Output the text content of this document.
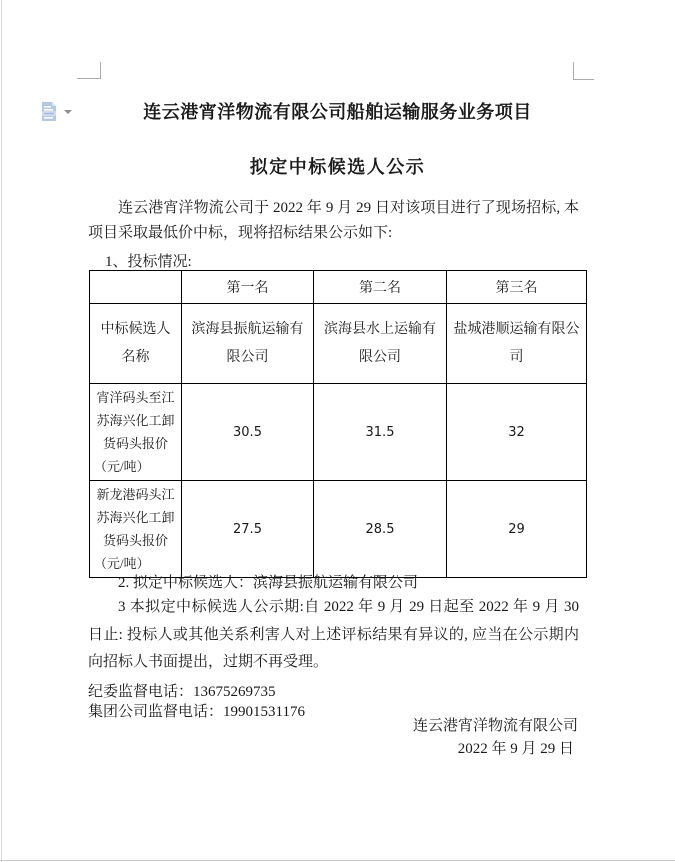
连云港宵洋物流有限公司船舶运输服务业务项目
拟定中标候选人公示
连云港宵洋物流公司于 2022 年 9 月 29 日对该项目进行了现场招标, 本项目采取最低价中标，现将招标结果公示如下:
1、投标情况:
	第一名	第二名	第三名
中标候选人名称	滨海县振航运输有限公司	滨海县水上运输有限公司	盐城港顺运输有限公司
宵洋码头至江苏海兴化工卸货码头报价（元/吨）	30.5	31.5	32
新龙港码头江苏海兴化工卸货码头报价（元/吨）	27.5	28.5	29
2. 拟定中标候选人：滨海县振航运输有限公司
3 本拟定中标候选人公示期:自 2022 年 9 月 29 日起至 2022 年 9 月 30 日止: 投标人或其他关系利害人对上述评标结果有异议的, 应当在公示期内向招标人书面提出，过期不再受理。
纪委监督电话：13675269735
集团公司监督电话：19901531176
连云港宵洋物流有限公司
2022 年 9 月 29 日
